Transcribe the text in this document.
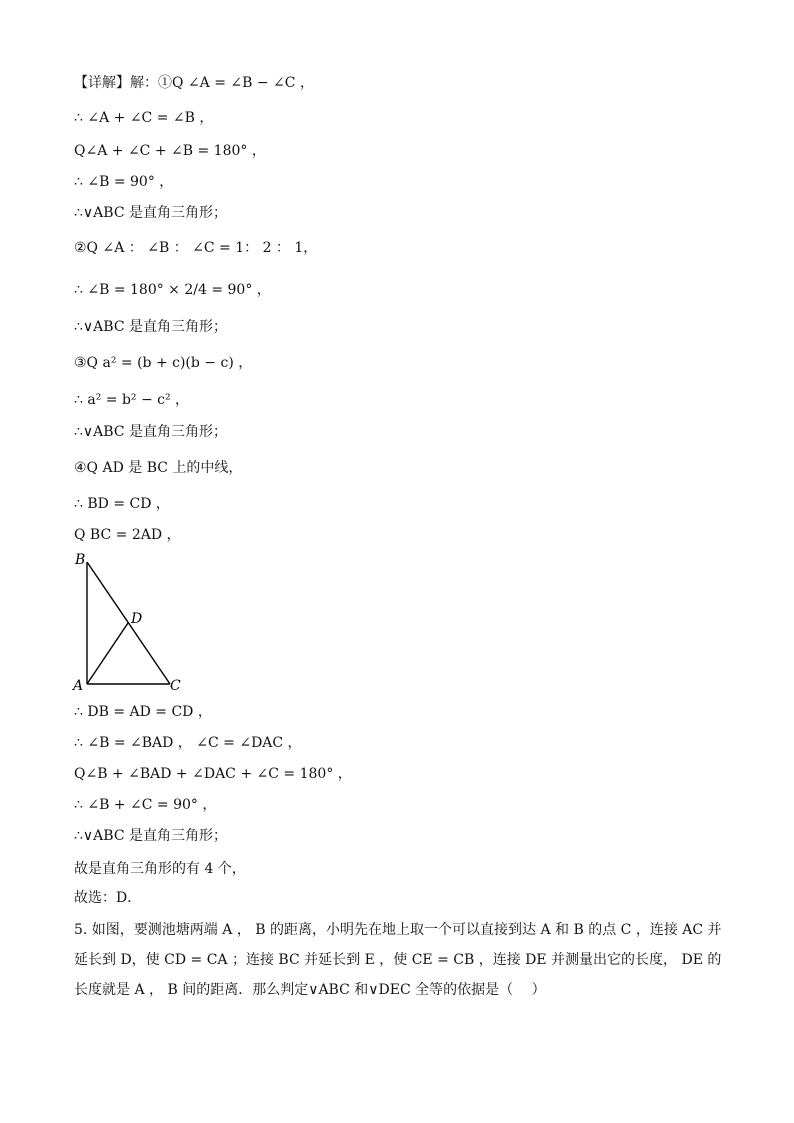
【详解】解：①Q ∠A = ∠B − ∠C ，
∴ ∠A + ∠C = ∠B ，
Q∠A + ∠C + ∠B = 180° ，
∴ ∠B = 90° ，
∴∨ABC 是直角三角形；
②Q ∠A ： ∠B ： ∠C = 1： 2 ： 1，
∴ ∠B = 180° × 2/4 = 90° ，
∴∨ABC 是直角三角形；
③Q a² = (b + c)(b − c) ，
∴ a² = b² − c² ，
∴∨ABC 是直角三角形；
④Q AD 是 BC 上的中线，
∴ BD = CD ，
Q BC = 2AD ，
B
D
A	C
∴ DB = AD = CD ，
∴ ∠B = ∠BAD ， ∠C = ∠DAC ，
Q∠B + ∠BAD + ∠DAC + ∠C = 180° ，
∴ ∠B + ∠C = 90° ，
∴∨ABC 是直角三角形；
故是直角三角形的有 4 个，
故选：D．
5. 如图，要测池塘两端 A ， B 的距离，小明先在地上取一个可以直接到达 A 和 B 的点 C ，连接 AC 并延长到 D，使 CD = CA ；连接 BC 并延长到 E ，使 CE = CB ，连接 DE 并测量出它的长度， DE 的长度就是 A ， B 间的距离．那么判定∨ABC 和∨DEC 全等的依据是（　 ）
